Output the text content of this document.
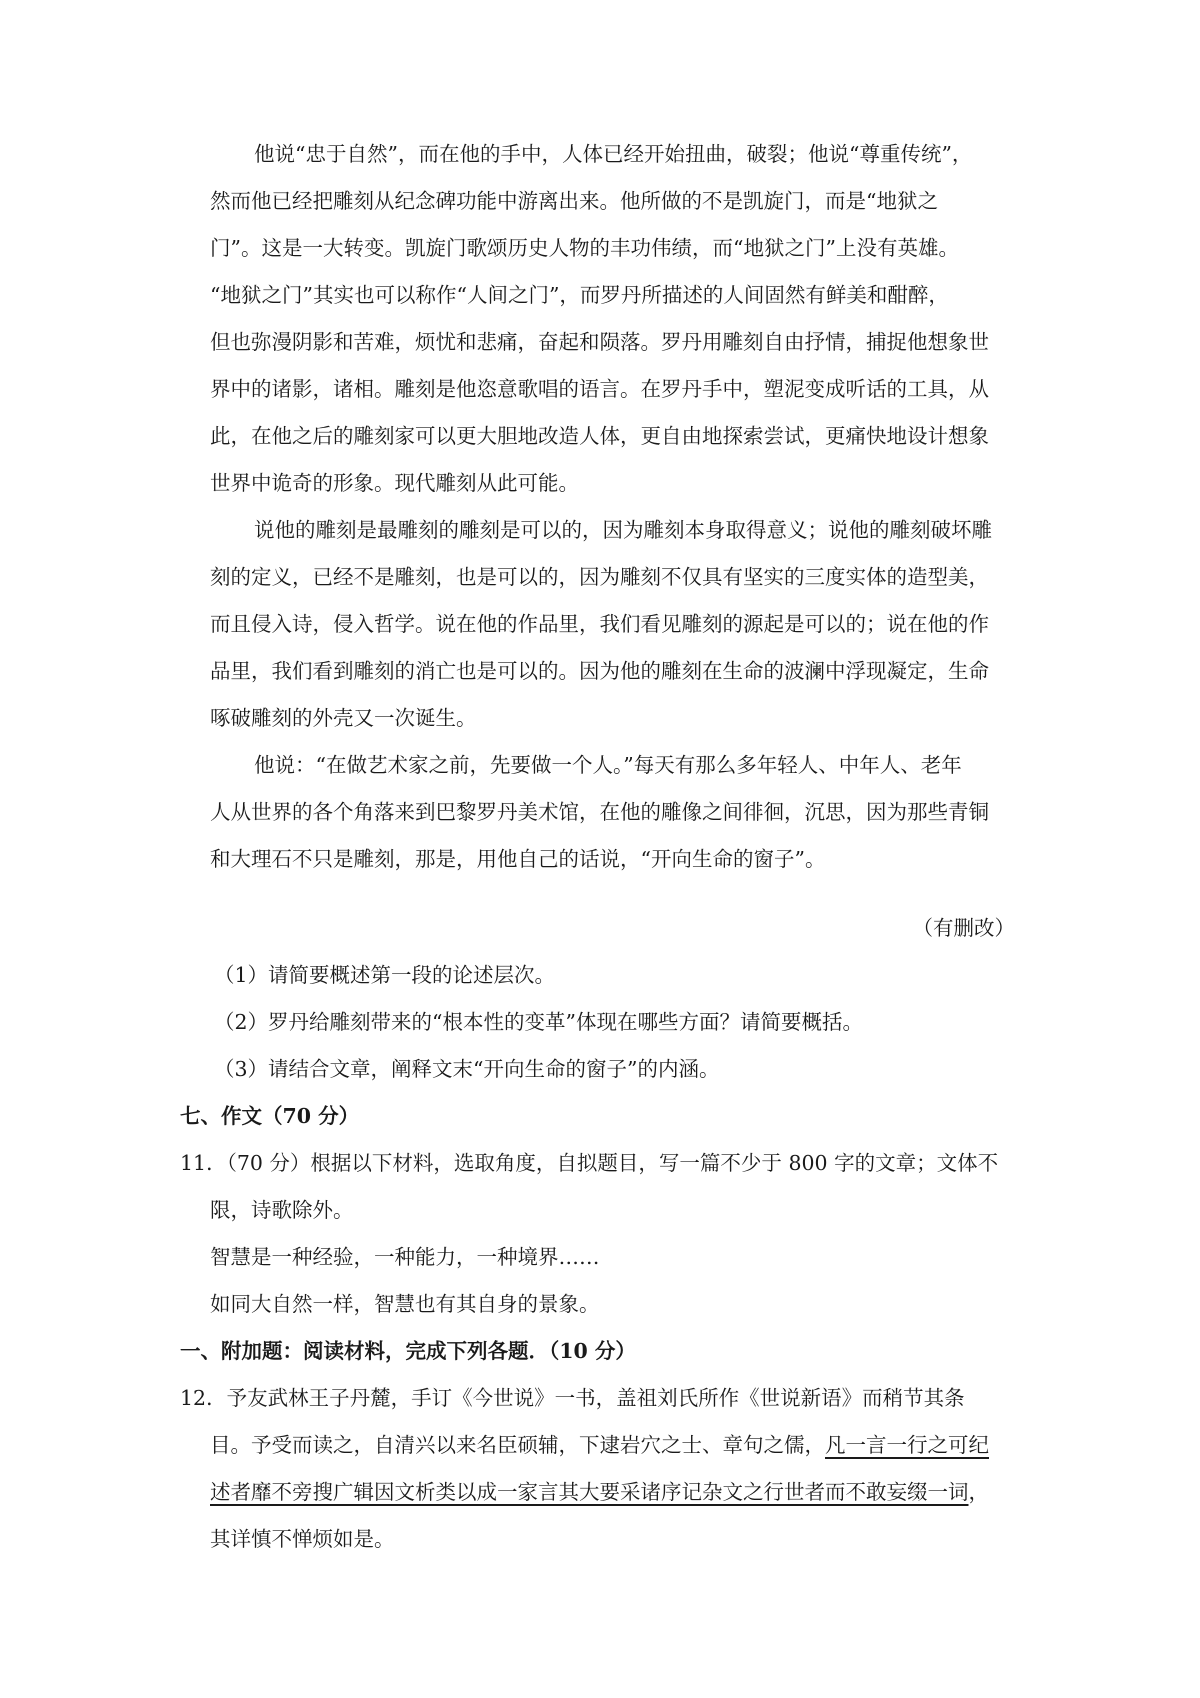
他说“忠于自然”，而在他的手中，人体已经开始扭曲，破裂；他说“尊重传统”，
然而他已经把雕刻从纪念碑功能中游离出来。他所做的不是凯旋门，而是“地狱之
门”。这是一大转变。凯旋门歌颂历史人物的丰功伟绩，而“地狱之门”上没有英雄。
“地狱之门”其实也可以称作“人间之门”，而罗丹所描述的人间固然有鲜美和酣醉，
但也弥漫阴影和苦难，烦忧和悲痛，奋起和陨落。罗丹用雕刻自由抒情，捕捉他想象世
界中的诸影，诸相。雕刻是他恣意歌唱的语言。在罗丹手中，塑泥变成听话的工具，从
此，在他之后的雕刻家可以更大胆地改造人体，更自由地探索尝试，更痛快地设计想象
世界中诡奇的形象。现代雕刻从此可能。
说他的雕刻是最雕刻的雕刻是可以的，因为雕刻本身取得意义；说他的雕刻破坏雕
刻的定义，已经不是雕刻，也是可以的，因为雕刻不仅具有坚实的三度实体的造型美，
而且侵入诗，侵入哲学。说在他的作品里，我们看见雕刻的源起是可以的；说在他的作
品里，我们看到雕刻的消亡也是可以的。因为他的雕刻在生命的波澜中浮现凝定，生命
啄破雕刻的外壳又一次诞生。
他说：“在做艺术家之前，先要做一个人。”每天有那么多年轻人、中年人、老年
人从世界的各个角落来到巴黎罗丹美术馆，在他的雕像之间徘徊，沉思，因为那些青铜
和大理石不只是雕刻，那是，用他自己的话说，“开向生命的窗子”。
（有删改）
（1）请简要概述第一段的论述层次。
（2）罗丹给雕刻带来的“根本性的变革”体现在哪些方面？请简要概括。
（3）请结合文章，阐释文末“开向生命的窗子”的内涵。
七、作文（70 分）
11．（70 分）根据以下材料，选取角度，自拟题目，写一篇不少于 800 字的文章；文体不
限，诗歌除外。
智慧是一种经验，一种能力，一种境界……
如同大自然一样，智慧也有其自身的景象。
一、附加题：阅读材料，完成下列各题．（10 分）
12．予友武林王子丹麓，手订《今世说》一书，盖祖刘氏所作《世说新语》而稍节其条
目。予受而读之，自清兴以来名臣硕辅，下逮岩穴之士、章句之儒，凡一言一行之可纪
述者靡不旁搜广辑因文析类以成一家言其大要采诸序记杂文之行世者而不敢妄缀一词，
其详慎不惮烦如是。
